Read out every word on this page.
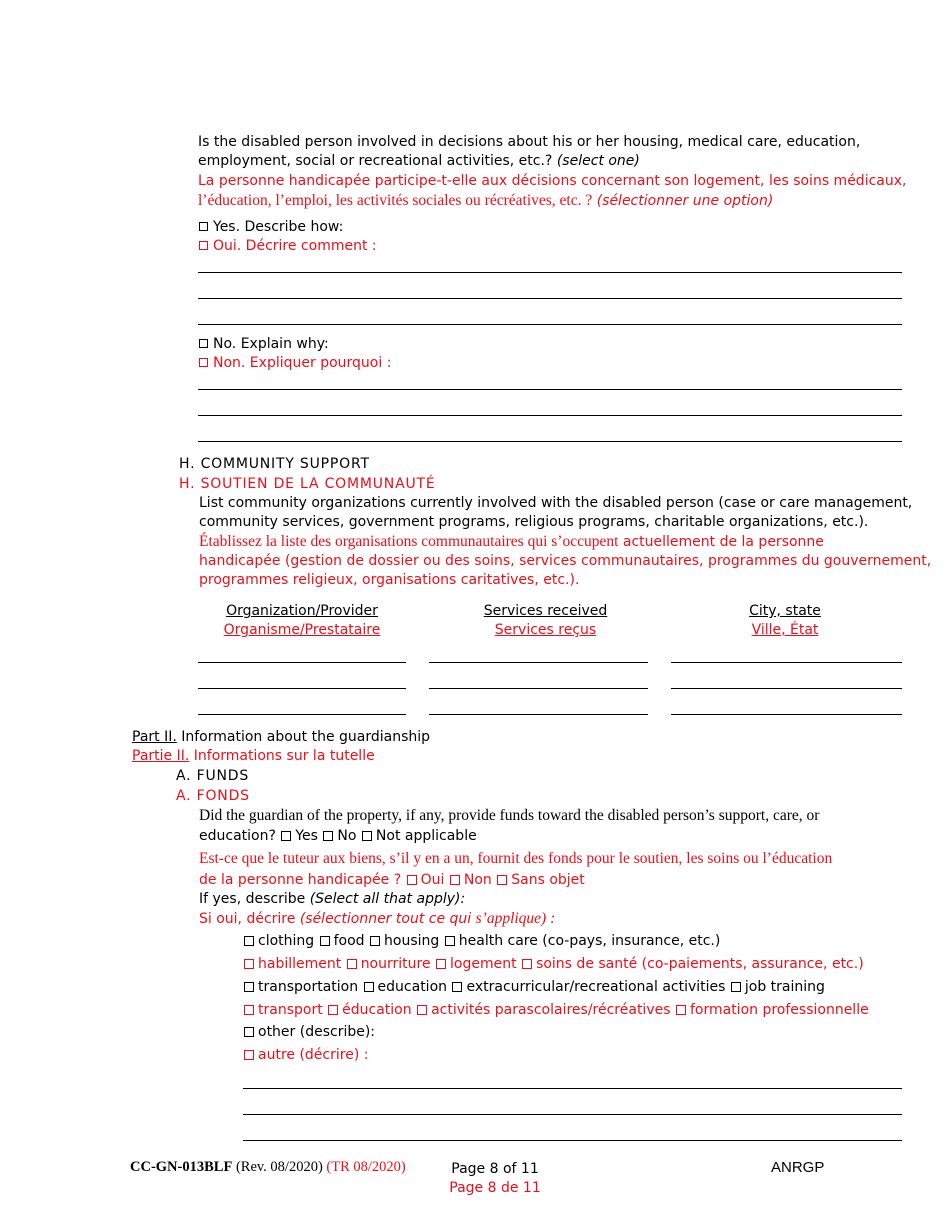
Is the disabled person involved in decisions about his or her housing, medical care, education,
employment, social or recreational activities, etc.? (select one)
La personne handicapée participe-t-elle aux décisions concernant son logement, les soins médicaux,
l’éducation, l’emploi, les activités sociales ou récréatives, etc. ? (sélectionner une option)
Yes. Describe how:
Oui. Décrire comment :
No. Explain why:
Non. Expliquer pourquoi :
H. COMMUNITY SUPPORT
H. SOUTIEN DE LA COMMUNAUTÉ
List community organizations currently involved with the disabled person (case or care management,
community services, government programs, religious programs, charitable organizations, etc.).
Établissez la liste des organisations communautaires qui s’occupent actuellement de la personne
handicapée (gestion de dossier ou des soins, services communautaires, programmes du gouvernement,
programmes religieux, organisations caritatives, etc.).
Organization/Provider
Organisme/Prestataire
Services received
Services reçus
City, state
Ville, État
Part II. Information about the guardianship
Partie II. Informations sur la tutelle
A. FUNDS
A. FONDS
Did the guardian of the property, if any, provide funds toward the disabled person’s support, care, or
education? Yes No Not applicable
Est-ce que le tuteur aux biens, s’il y en a un, fournit des fonds pour le soutien, les soins ou l’éducation
de la personne handicapée ? Oui Non Sans objet
If yes, describe (Select all that apply):
Si oui, décrire (sélectionner tout ce qui s’applique) :
clothing food housing health care (co-pays, insurance, etc.)
habillement nourriture logement soins de santé (co-paiements, assurance, etc.)
transportation education extracurricular/recreational activities job training
transport éducation activités parascolaires/récréatives formation professionnelle
other (describe):
autre (décrire) :
CC-GN-013BLF (Rev. 08/2020) (TR 08/2020)	Page 8 of 11
Page 8 de 11
ANRGP
